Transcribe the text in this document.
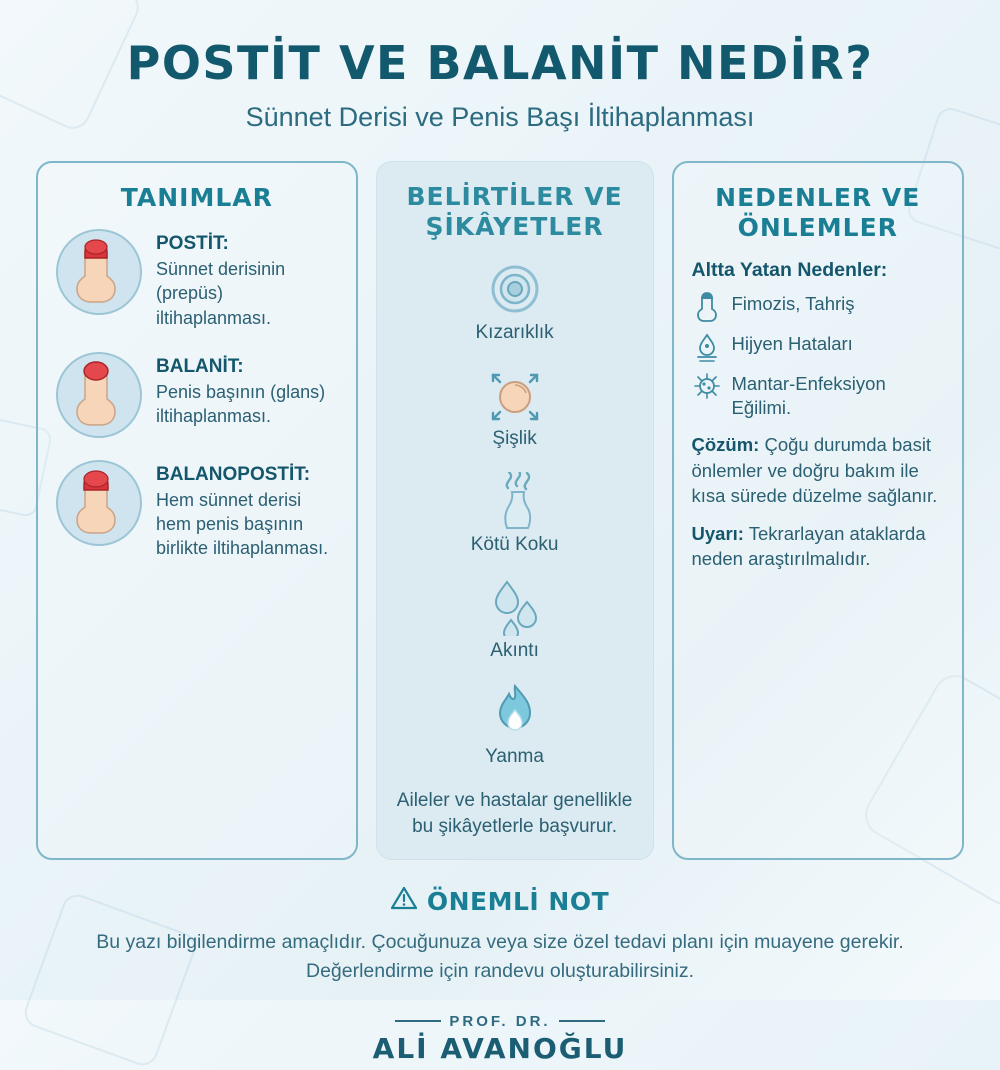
POSTİT VE BALANİT NEDİR?
Sünnet Derisi ve Penis Başı İltihaplanması
TANIMLAR
POSTİT:
Sünnet derisinin (prepüs) iltihaplanması.
BALANİT:
Penis başının (glans) iltihaplanması.
BALANOPOSTİT:
Hem sünnet derisi hem penis başının birlikte iltihaplanması.
BELİRTİLER VE ŞİKÂYETLER
Kızarıklık
Şişlik
Kötü Koku
Akıntı
Yanma
Aileler ve hastalar genellikle bu şikâyetlerle başvurur.
NEDENLER VE ÖNLEMLER
Altta Yatan Nedenler:
Fimozis, Tahriş
Hijyen Hataları
Mantar-Enfeksiyon Eğilimi.
Çözüm: Çoğu durumda basit önlemler ve doğru bakım ile kısa sürede düzelme sağlanır.
Uyarı: Tekrarlayan ataklarda neden araştırılmalıdır.
ÖNEMLİ NOT
Bu yazı bilgilendirme amaçlıdır. Çocuğunuza veya size özel tedavi planı için muayene gerekir. Değerlendirme için randevu oluşturabilirsiniz.
PROF. DR.
ALİ AVANOĞLU
